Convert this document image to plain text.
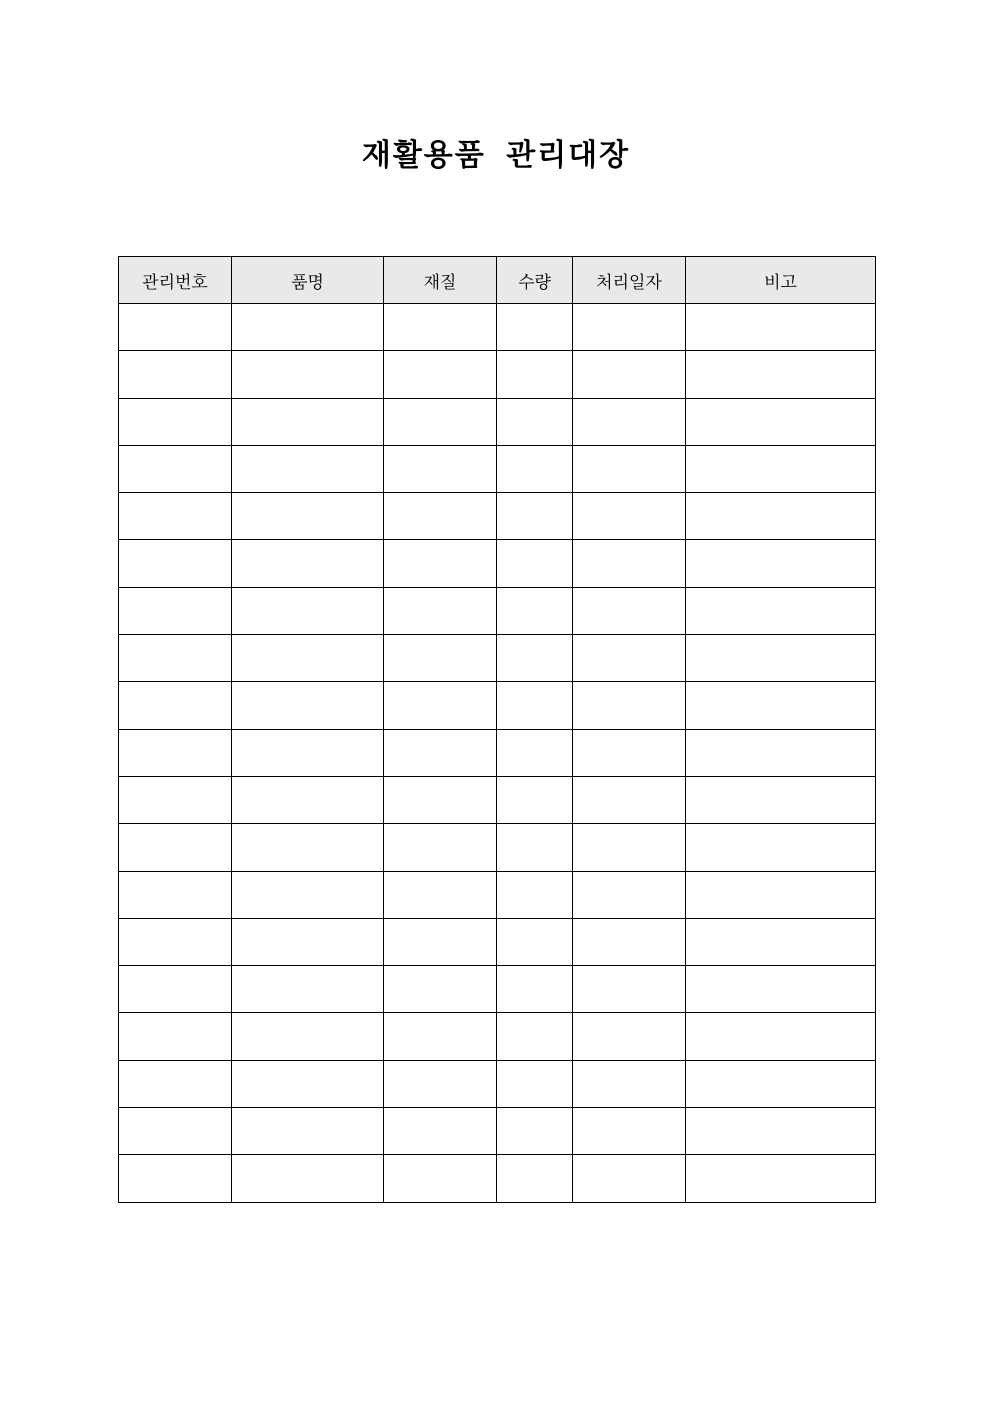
재활용품 관리대장
관리번호	품명	재질	수량	처리일자	비고
